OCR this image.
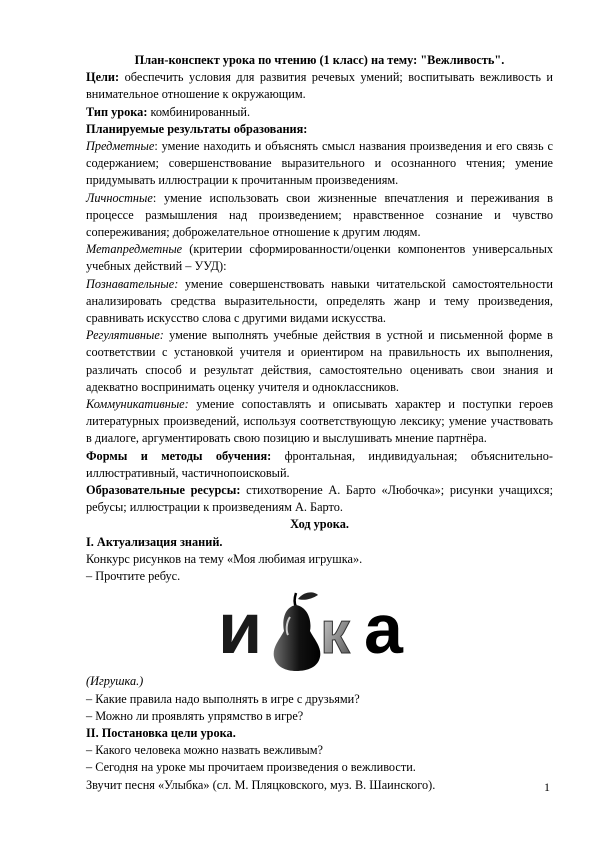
План-конспект урока по чтению (1 класс) на тему: "Вежливость".

Цели: обеспечить условия для развития речевых умений; воспитывать вежливость и внимательное отношение к окружающим.

Тип урока: комбинированный.

Планируемые результаты образования:

Предметные: умение находить и объяснять смысл названия произведения и его связь с содержанием; совершенствование выразительного и осознанного чтения; умение придумывать иллюстрации к прочитанным произведениям.

Личностные: умение использовать свои жизненные впечатления и переживания в процессе размышления над произведением; нравственное сознание и чувство сопереживания; доброжелательное отношение к другим людям.

Метапредметные (критерии сформированности/оценки компонентов универсальных учебных действий – УУД):

Познавательные: умение совершенствовать навыки читательской самостоятельности анализировать средства выразительности, определять жанр и тему произведения, сравнивать искусство слова с другими видами искусства.

Регулятивные: умение выполнять учебные действия в устной и письменной форме в соответствии с установкой учителя и ориентиром на правильность их выполнения, различать способ и результат действия, самостоятельно оценивать свои знания и адекватно воспринимать оценку учителя и одноклассников.

Коммуникативные: умение сопоставлять и описывать характер и поступки героев литературных произведений, используя соответствующую лексику; умение участвовать в диалоге, аргументировать свою позицию и выслушивать мнение партнёра.

Формы и методы обучения: фронтальная, индивидуальная; объяснительно-иллюстративный, частичнопоисковый.

Образовательные ресурсы: стихотворение А. Барто «Любочка»; рисунки учащихся; ребусы; иллюстрации к произведениям А. Барто.

Ход урока.

I. Актуализация знаний.

Конкурс рисунков на тему «Моя любимая игрушка».

– Прочтите ребус.

и к а

(Игрушка.)

– Какие правила надо выполнять в игре с друзьями?

– Можно ли проявлять упрямство в игре?

II. Постановка цели урока.

– Какого человека можно назвать вежливым?

– Сегодня на уроке мы прочитаем произведения о вежливости.

Звучит песня «Улыбка» (сл. М. Пляцковского, муз. В. Шаинского).	1
